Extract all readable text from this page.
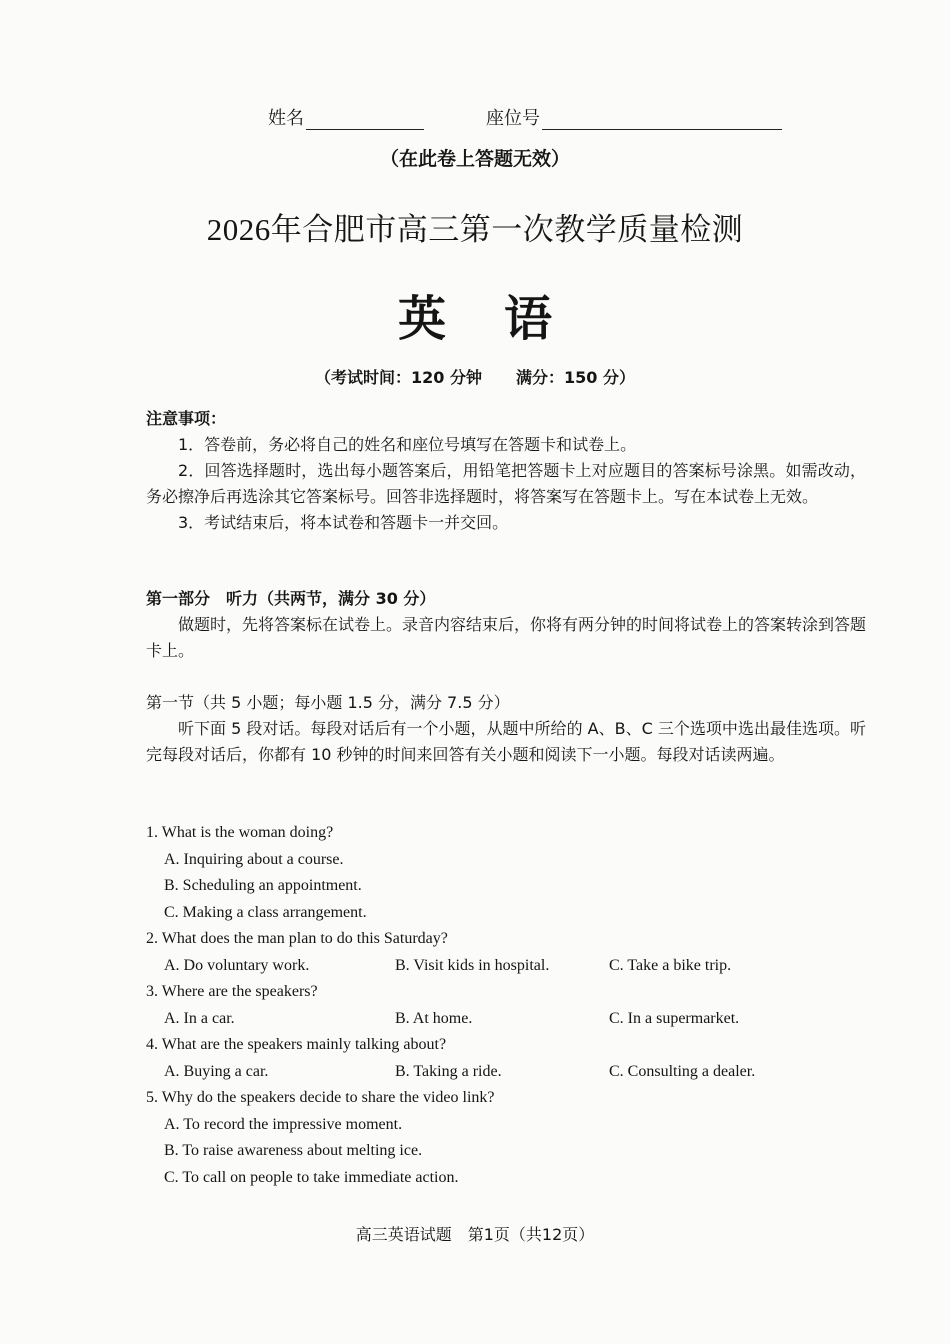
姓名	座位号
（在此卷上答题无效）
2026年合肥市高三第一次教学质量检测
英 语
（考试时间：120 分钟 满分：150 分）
注意事项：
1．答卷前，务必将自己的姓名和座位号填写在答题卡和试卷上。
2．回答选择题时，选出每小题答案后，用铅笔把答题卡上对应题目的答案标号涂黑。如需改动，务必擦净后再选涂其它答案标号。回答非选择题时，将答案写在答题卡上。写在本试卷上无效。
3．考试结束后，将本试卷和答题卡一并交回。
第一部分　听力（共两节，满分 30 分）
做题时，先将答案标在试卷上。录音内容结束后，你将有两分钟的时间将试卷上的答案转涂到答题卡上。
第一节（共 5 小题；每小题 1.5 分，满分 7.5 分）
听下面 5 段对话。每段对话后有一个小题，从题中所给的 A、B、C 三个选项中选出最佳选项。听完每段对话后，你都有 10 秒钟的时间来回答有关小题和阅读下一小题。每段对话读两遍。
1. What is the woman doing?
A. Inquiring about a course.
B. Scheduling an appointment.
C. Making a class arrangement.
2. What does the man plan to do this Saturday?
A. Do voluntary work.	B. Visit kids in hospital.	C. Take a bike trip.
3. Where are the speakers?
A. In a car.	B. At home.	C. In a supermarket.
4. What are the speakers mainly talking about?
A. Buying a car.	B. Taking a ride.	C. Consulting a dealer.
5. Why do the speakers decide to share the video link?
A. To record the impressive moment.
B. To raise awareness about melting ice.
C. To call on people to take immediate action.
高三英语试题　第1页（共12页）
